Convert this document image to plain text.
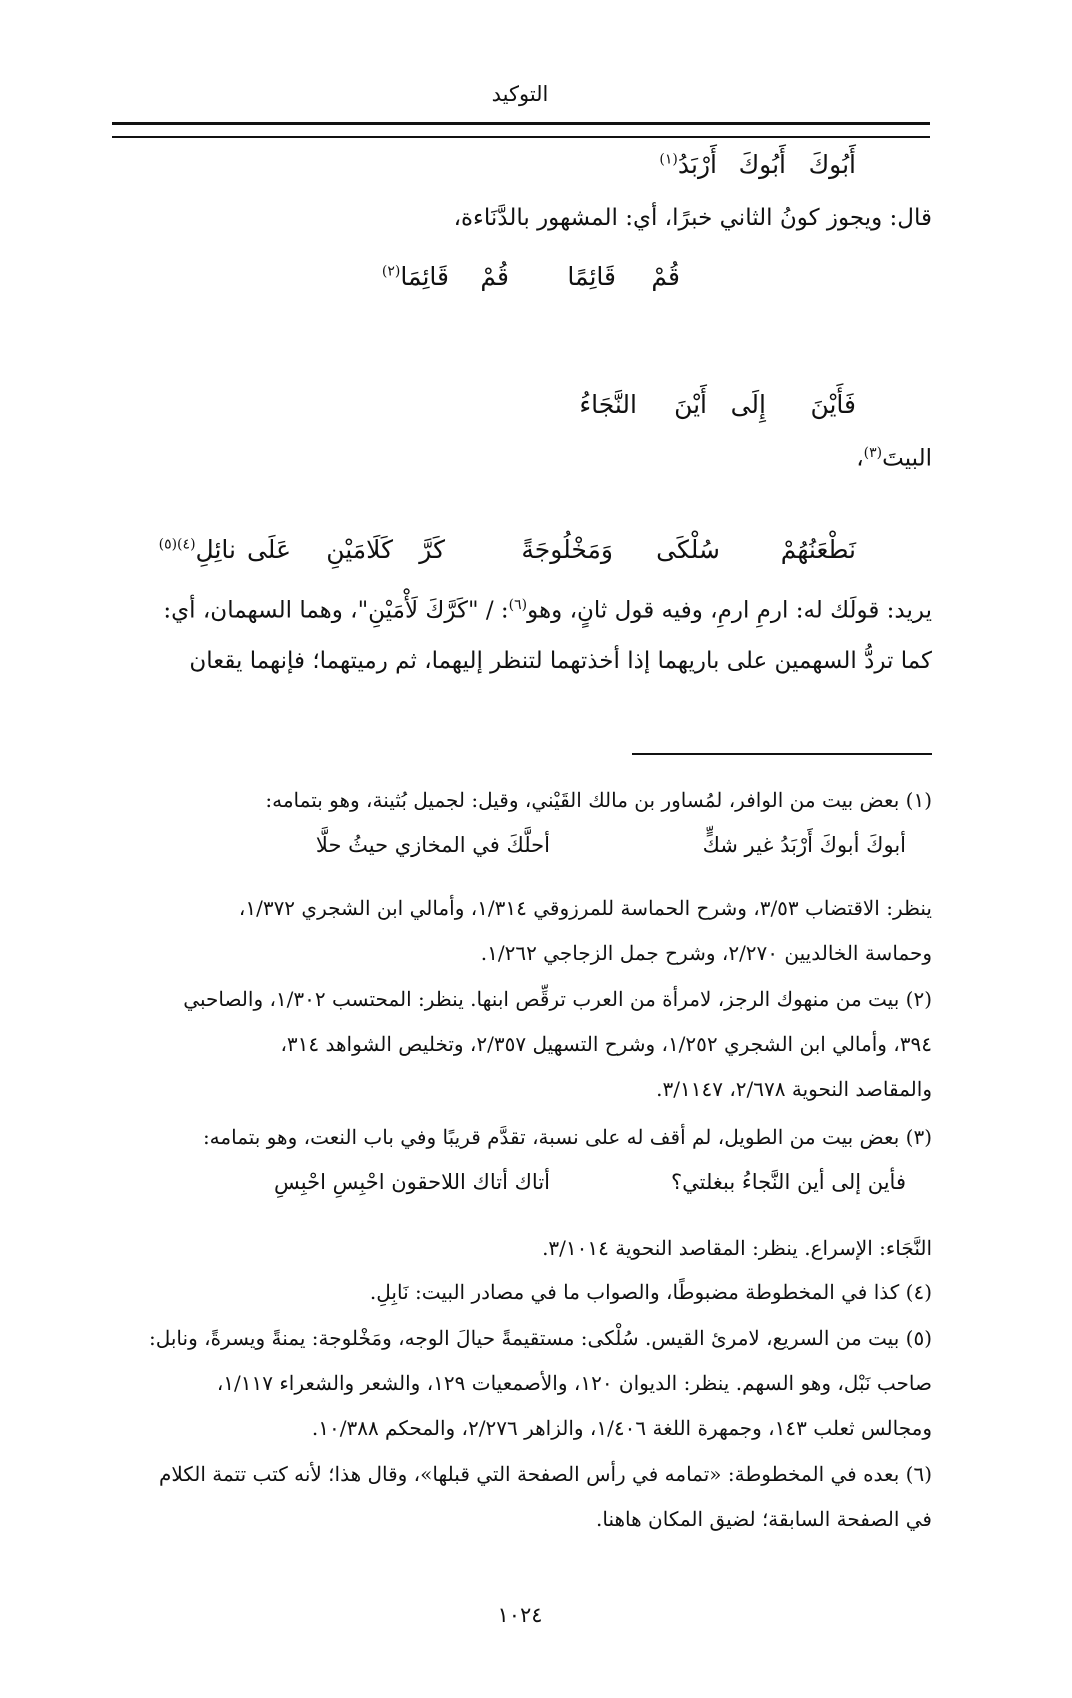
التوكيد
أَبُوكَ
أَبُوكَ
أَرْبَدُ$^{(١)}$
قال: ويجوز كونُ الثاني خبرًا، أي: المشهور بالدَّنَاءة،
قُمْ
قَائِمًا
قُمْ
قَائِمَا$^{(٢)}$
فَأَيْنَ
إِلَى
أَيْنَ
النَّجَاءُ
البيتَ$^{(٣)}$،
نَطْعَنُهُمْ
سُلْكَى
وَمَخْلُوجَةً
كَرَّ
كَلَامَيْنِ
عَلَى
نائِلِ$^{(٤)(٥)}$
يريد: قولَك له: ارمِ ارمِ، وفيه قول ثانٍ، وهو$^{(٦)}$: / "كَرَّكَ لَأْمَيْنِ"، وهما السهمان، أي:
كما تردُّ السهمين على باريهما إذا أخذتهما لتنظر إليهما، ثم رميتهما؛ فإنهما يقعان
(١) بعض بيت من الوافر، لمُساور بن مالك القَيْني، وقيل: لجميل بُثينة، وهو بتمامه:
أبوكَ أبوكَ أَرْبَدُ غير شكٍّ
أحلَّكَ في المخازي حيثُ حلَّا
ينظر: الاقتضاب ٣/٥٣، وشرح الحماسة للمرزوقي ١/٣١٤، وأمالي ابن الشجري ١/٣٧٢،
وحماسة الخالديين ٢/٢٧٠، وشرح جمل الزجاجي ١/٢٦٢.
(٢) بيت من منهوك الرجز، لامرأة من العرب ترقِّص ابنها. ينظر: المحتسب ١/٣٠٢، والصاحبي
٣٩٤، وأمالي ابن الشجري ١/٢٥٢، وشرح التسهيل ٢/٣٥٧، وتخليص الشواهد ٣١٤،
والمقاصد النحوية ٢/٦٧٨، ٣/١١٤٧.
(٣) بعض بيت من الطويل، لم أقف له على نسبة، تقدَّم قريبًا وفي باب النعت، وهو بتمامه:
فأين إلى أين النَّجاءُ ببغلتي؟
أتاك أتاك اللاحقون احْبِسِ احْبِسِ
النَّجَاء: الإسراع. ينظر: المقاصد النحوية ٣/١٠١٤.
(٤) كذا في المخطوطة مضبوطًا، والصواب ما في مصادر البيت: نَابِلِ.
(٥) بيت من السريع، لامرئ القيس. سُلْكى: مستقيمةً حيالَ الوجه، ومَخْلوجة: يمنةً ويسرةً، ونابل:
صاحب نَبْل، وهو السهم. ينظر: الديوان ١٢٠، والأصمعيات ١٢٩، والشعر والشعراء ١/١١٧،
ومجالس ثعلب ١٤٣، وجمهرة اللغة ١/٤٠٦، والزاهر ٢/٢٧٦، والمحكم ١٠/٣٨٨.
(٦) بعده في المخطوطة: «تمامه في رأس الصفحة التي قبلها»، وقال هذا؛ لأنه كتب تتمة الكلام
في الصفحة السابقة؛ لضيق المكان هاهنا.
١٠٢٤
